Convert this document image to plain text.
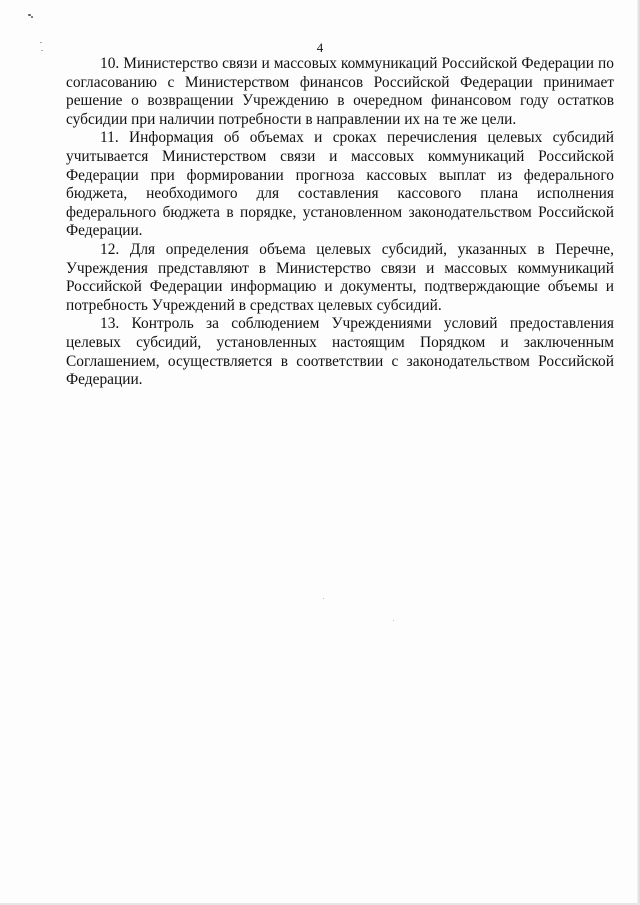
4

10. Министерство связи и массовых коммуникаций Российской Федерации по согласованию с Министерством финансов Российской Федерации принимает решение о возвращении Учреждению в очередном финансовом году остатков субсидии при наличии потребности в направлении их на те же цели.

11. Информация об объемах и сроках перечисления целевых субсидий учитывается Министерством связи и массовых коммуникаций Российской Федерации при формировании прогноза кассовых выплат из федерального бюджета, необходимого для составления кассового плана исполнения федерального бюджета в порядке, установленном законодательством Российской Федерации.

12. Для определения объема целевых субсидий, указанных в Перечне, Учреждения представляют в Министерство связи и массовых коммуникаций Российской Федерации информацию и документы, подтверждающие объемы и потребность Учреждений в средствах целевых субсидий.

13. Контроль за соблюдением Учреждениями условий предоставления целевых субсидий, установленных настоящим Порядком и заключенным Соглашением, осуществляется в соответствии с законодательством Российской Федерации.
